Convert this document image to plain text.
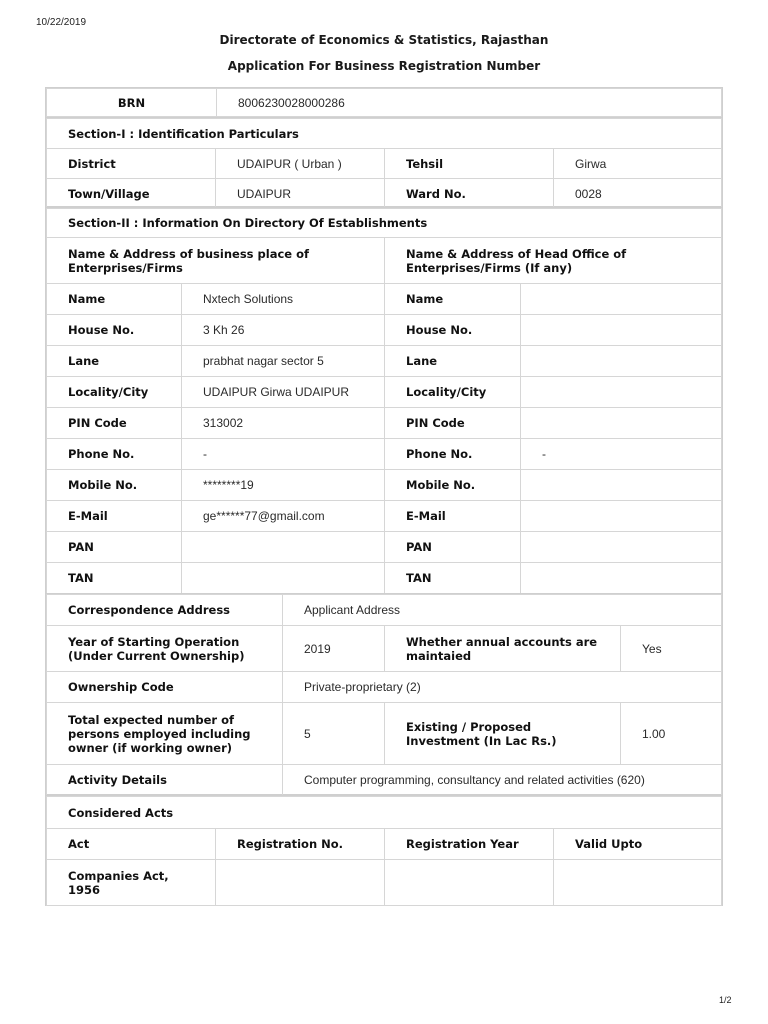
10/22/2019
Directorate of Economics & Statistics, Rajasthan
Application For Business Registration Number
BRN	8006230028000286
Section-I : Identification Particulars			
District	UDAIPUR ( Urban )	Tehsil	Girwa
Town/Village	UDAIPUR	Ward No.	0028
Section-II : Information On Directory Of Establishments			
Name & Address of business place of Enterprises/Firms		Name & Address of Head Office of Enterprises/Firms (If any)	
Name	Nxtech Solutions	Name	
House No.	3 Kh 26	House No.	
Lane	prabhat nagar sector 5	Lane	
Locality/City	UDAIPUR Girwa UDAIPUR	Locality/City	
PIN Code	313002	PIN Code	
Phone No.	-	Phone No.	-
Mobile No.	********19	Mobile No.	
E-Mail	ge******77@gmail.com	E-Mail	
PAN		PAN	
TAN		TAN	
Correspondence Address	Applicant Address		
Year of Starting Operation (Under Current Ownership)	2019	Whether annual accounts are maintaied	Yes
Ownership Code	Private-proprietary (2)		
Total expected number of persons employed including owner (if working owner)	5	Existing / Proposed Investment (In Lac Rs.)	1.00
Activity Details	Computer programming, consultancy and related activities (620)		
Considered Acts			
Act	Registration No.	Registration Year	Valid Upto
Companies Act, 1956			
1/2
